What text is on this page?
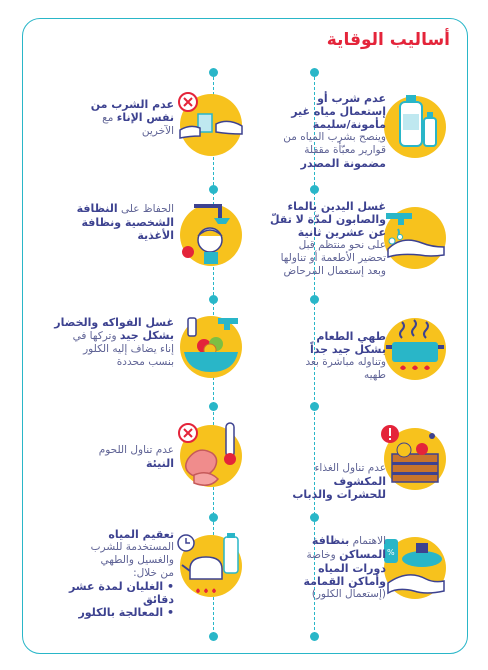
أساليب الوقاية
%
عدم شرب أو
إستعمال مياه غير
مأمونة/سليمة
وينصح بشرب المياه من
قوارير معبّأة مقفلة
مضمونة المصدر
غسل اليدين بالماء
والصابون لمدّة لا تقلّ
عن عشرين ثانية
على نحو منتظم قبل
تحضير الأطعمة أو تناولها
وبعد إستعمال المرحاض
طهي الطعام
بشكل جيد جداً
وتناوله مباشرة بعد
طهيه
عدم تناول الغذاء
المكشوف
للحشرات والذباب
الاهتمام بنظافة
المساكن وخاصة
دورات المياه
وأماكن القمامة
(إستعمال الكلور)
عدم الشرب من
نفس الإناء مع
الآخرين
الحفاظ على النظافة
الشخصية ونظافة
الأغذية
غسل الفواكه والخضار
بشكل جيد وتركها في
إناء يضاف إليه الكلور
بنسب محددة
عدم تناول اللحوم
النيئة
تعقيم المياه
المستخدمة للشرب
والغسيل والطهي
من خلال:
• الغليان لمدة عشر
دقائق
• المعالجة بالكلور
